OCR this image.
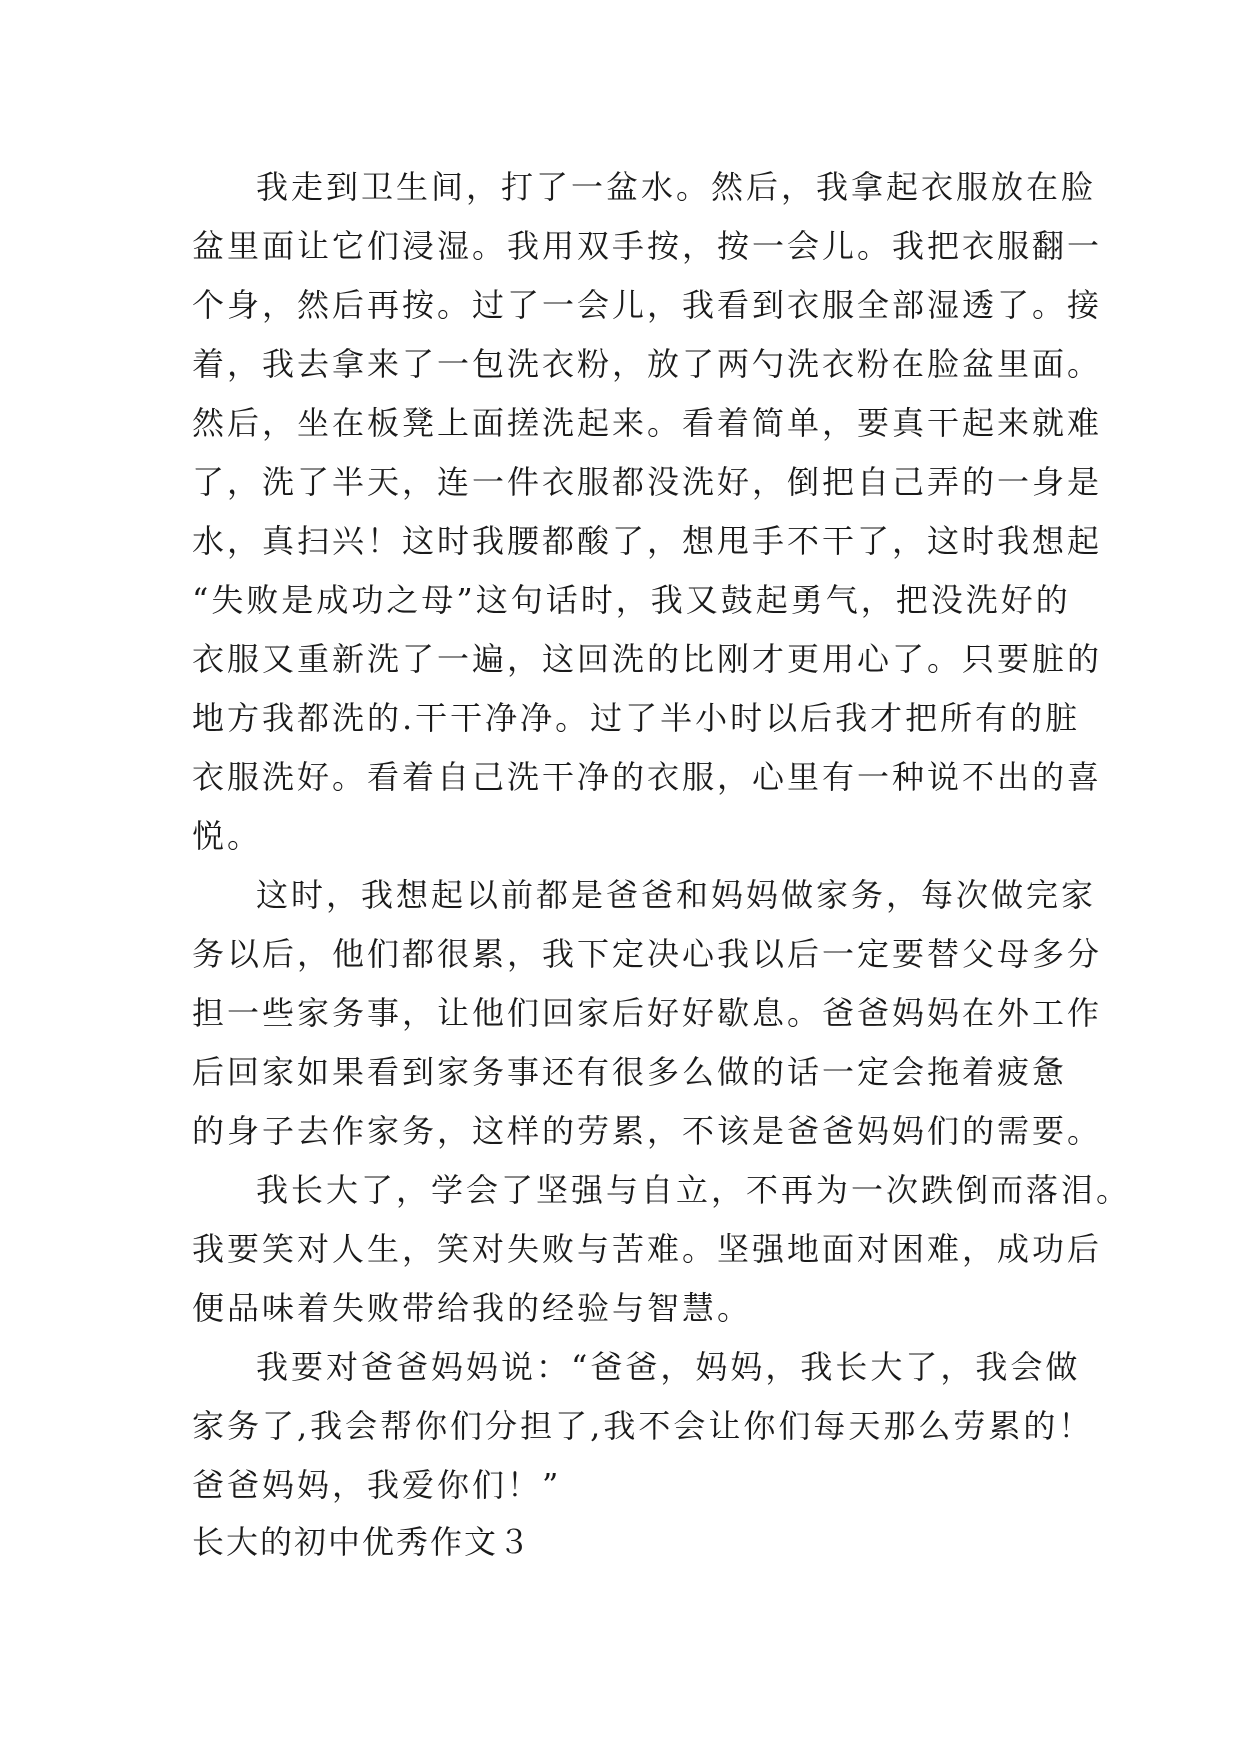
我走到卫生间，打了一盆水。然后，我拿起衣服放在脸
盆里面让它们浸湿。我用双手按，按一会儿。我把衣服翻一
个身，然后再按。过了一会儿，我看到衣服全部湿透了。接
着，我去拿来了一包洗衣粉，放了两勺洗衣粉在脸盆里面。
然后，坐在板凳上面搓洗起来。看着简单，要真干起来就难
了，洗了半天，连一件衣服都没洗好，倒把自己弄的一身是
水，真扫兴！这时我腰都酸了，想甩手不干了，这时我想起
“失败是成功之母”这句话时，我又鼓起勇气，把没洗好的
衣服又重新洗了一遍，这回洗的比刚才更用心了。只要脏的
地方我都洗的.干干净净。过了半小时以后我才把所有的脏
衣服洗好。看着自己洗干净的衣服，心里有一种说不出的喜
悦。
这时，我想起以前都是爸爸和妈妈做家务，每次做完家
务以后，他们都很累，我下定决心我以后一定要替父母多分
担一些家务事，让他们回家后好好歇息。爸爸妈妈在外工作
后回家如果看到家务事还有很多么做的话一定会拖着疲惫
的身子去作家务，这样的劳累，不该是爸爸妈妈们的需要。
我长大了，学会了坚强与自立，不再为一次跌倒而落泪。
我要笑对人生，笑对失败与苦难。坚强地面对困难，成功后
便品味着失败带给我的经验与智慧。
我要对爸爸妈妈说：“爸爸，妈妈，我长大了，我会做
家务了,我会帮你们分担了,我不会让你们每天那么劳累的！
爸爸妈妈，我爱你们！”
长大的初中优秀作文３
